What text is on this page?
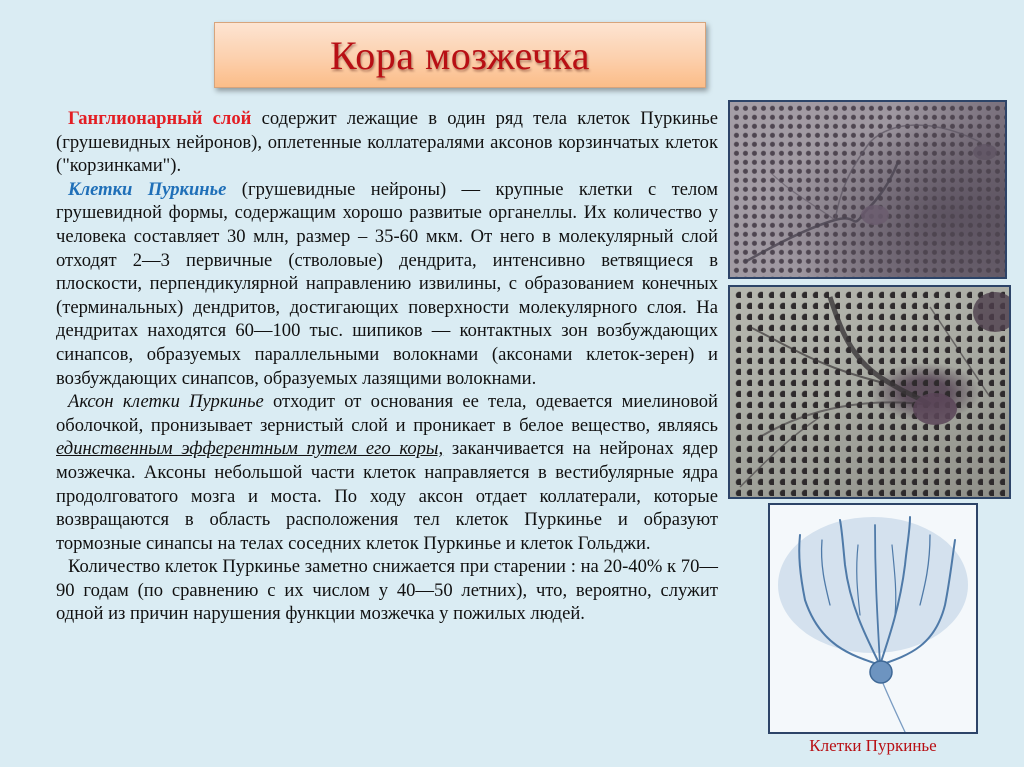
Кора мозжечка

Ганглионарный слой содержит лежащие в один ряд тела клеток Пуркинье (грушевидных нейронов), оплетенные коллатералями аксонов корзинчатых клеток ("корзинками").

Клетки Пуркинье (грушевидные нейроны) — крупные клетки с телом грушевидной формы, содержащим хорошо развитые органеллы. Их количество у человека составляет 30 млн, размер – 35-60 мкм. От него в молекулярный слой отходят 2—3 первичные (стволовые) дендрита, интенсивно ветвящиеся в плоскости, перпендикулярной направлению извилины, с образованием конечных (терминальных) дендритов, достигающих поверхности молекулярного слоя. На дендритах находятся 60—100 тыс. шипиков — контактных зон возбуждающих синапсов, образуемых параллельными волокнами (аксонами клеток-зерен) и возбуждающих синапсов, образуемых лазящими волокнами.

Аксон клетки Пуркинье отходит от основания ее тела, одевается миелиновой оболочкой, пронизывает зернистый слой и проникает в белое вещество, являясь единственным эфферентным путем его коры, заканчивается на нейронах ядер мозжечка. Аксоны небольшой части клеток направляется в вестибулярные ядра продолговатого мозга и моста. По ходу аксон отдает коллатерали, которые возвращаются в область расположения тел клеток Пуркинье и образуют тормозные синапсы на телах соседних клеток Пуркинье и клеток Гольджи.

Количество клеток Пуркинье заметно снижается при старении : на 20-40% к 70—90 годам (по сравнению с их числом у 40—50 летних), что, вероятно, служит одной из причин нарушения функции мозжечка у пожилых людей.

Клетки Пуркинье
